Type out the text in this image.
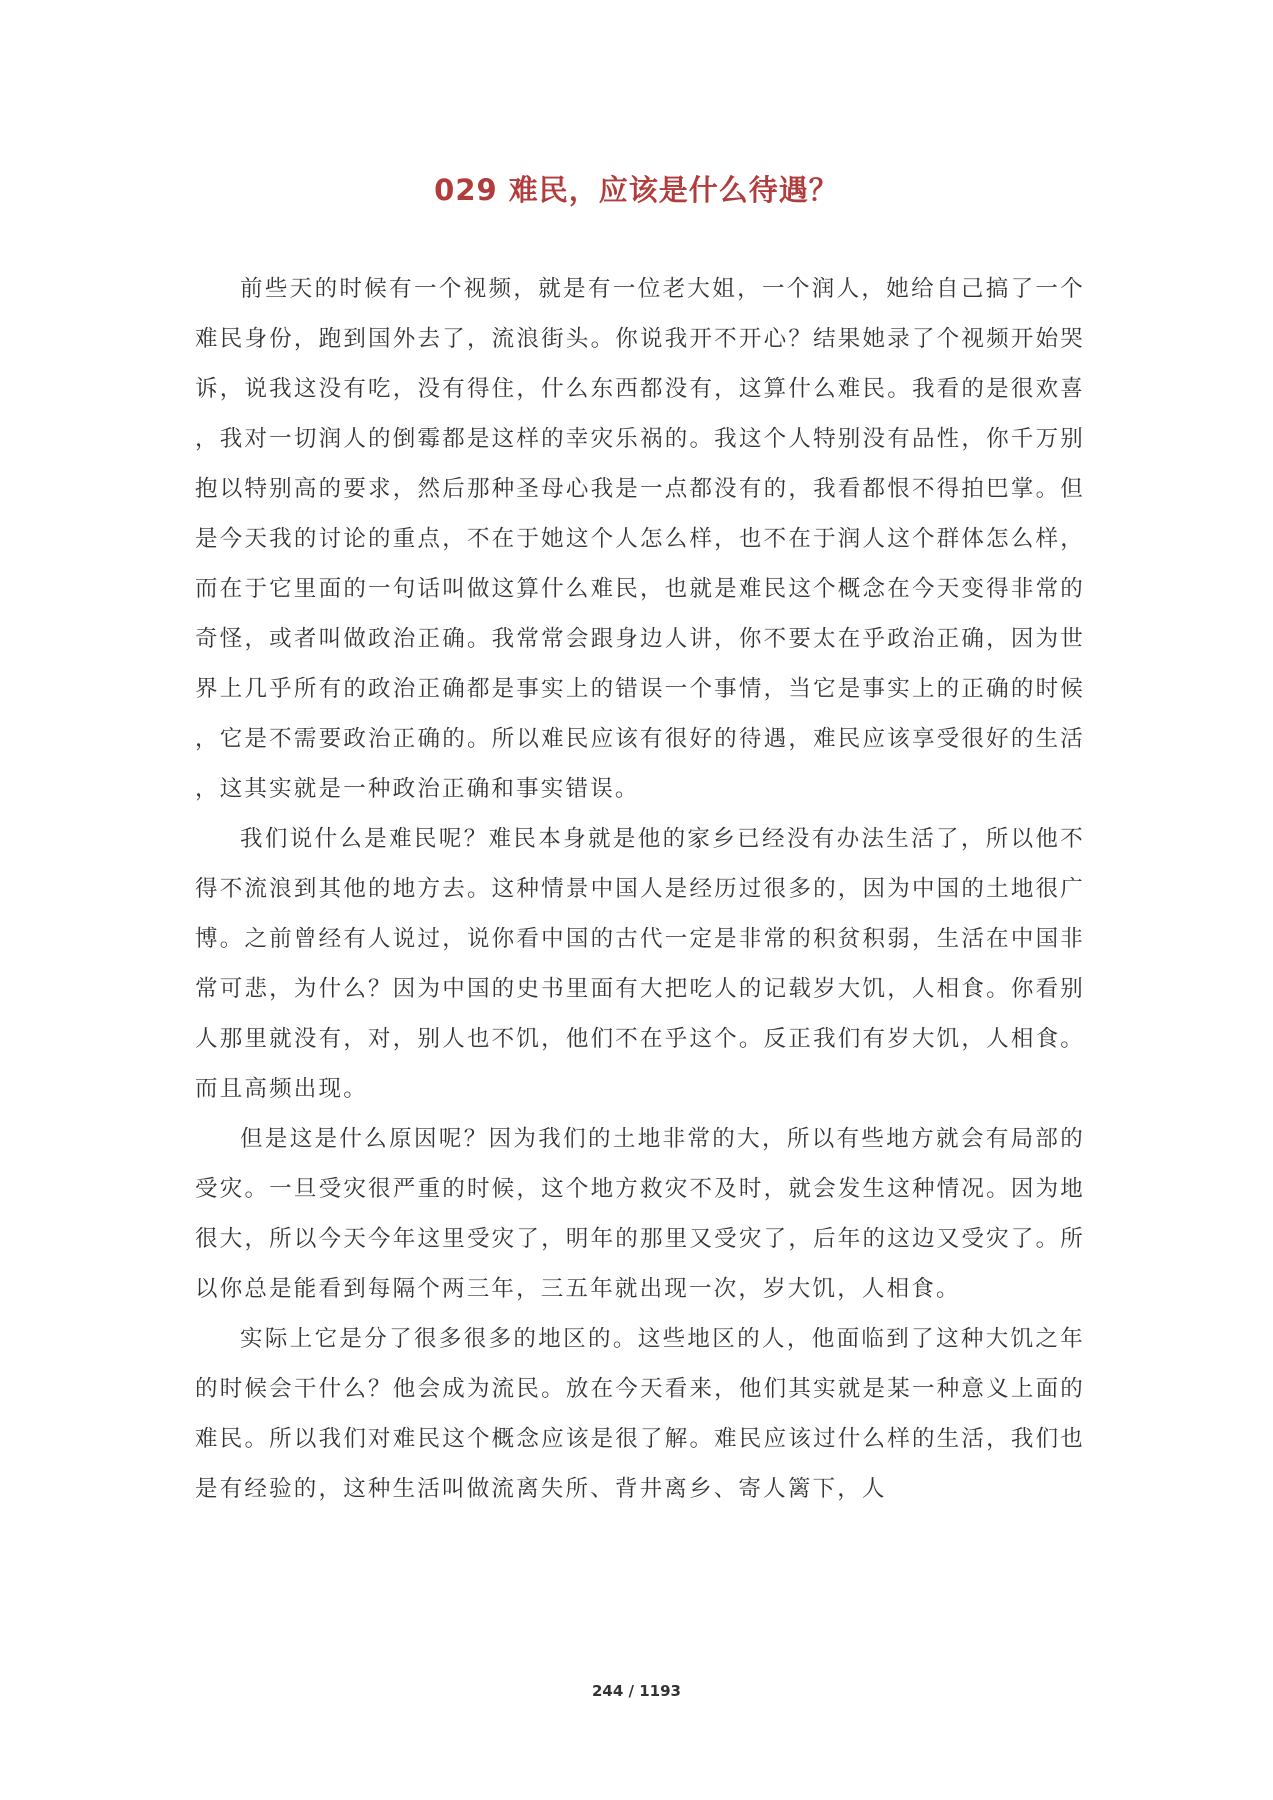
029 难民，应该是什么待遇？

前些天的时候有一个视频，就是有一位老大姐，一个润人，她给自己搞了一个难民身份，跑到国外去了，流浪街头。你说我开不开心？结果她录了个视频开始哭诉，说我这没有吃，没有得住，什么东西都没有，这算什么难民。我看的是很欢喜，我对一切润人的倒霉都是这样的幸灾乐祸的。我这个人特别没有品性，你千万别抱以特别高的要求，然后那种圣母心我是一点都没有的，我看都恨不得拍巴掌。但是今天我的讨论的重点，不在于她这个人怎么样，也不在于润人这个群体怎么样，而在于它里面的一句话叫做这算什么难民，也就是难民这个概念在今天变得非常的奇怪，或者叫做政治正确。我常常会跟身边人讲，你不要太在乎政治正确，因为世界上几乎所有的政治正确都是事实上的错误一个事情，当它是事实上的正确的时候，它是不需要政治正确的。所以难民应该有很好的待遇，难民应该享受很好的生活，这其实就是一种政治正确和事实错误。

我们说什么是难民呢？难民本身就是他的家乡已经没有办法生活了，所以他不得不流浪到其他的地方去。这种情景中国人是经历过很多的，因为中国的土地很广博。之前曾经有人说过，说你看中国的古代一定是非常的积贫积弱，生活在中国非常可悲，为什么？因为中国的史书里面有大把吃人的记载岁大饥，人相食。你看别人那里就没有，对，别人也不饥，他们不在乎这个。反正我们有岁大饥，人相食。而且高频出现。

但是这是什么原因呢？因为我们的土地非常的大，所以有些地方就会有局部的受灾。一旦受灾很严重的时候，这个地方救灾不及时，就会发生这种情况。因为地很大，所以今天今年这里受灾了，明年的那里又受灾了，后年的这边又受灾了。所以你总是能看到每隔个两三年，三五年就出现一次，岁大饥，人相食。

实际上它是分了很多很多的地区的。这些地区的人，他面临到了这种大饥之年的时候会干什么？他会成为流民。放在今天看来，他们其实就是某一种意义上面的难民。所以我们对难民这个概念应该是很了解。难民应该过什么样的生活，我们也是有经验的，这种生活叫做流离失所、背井离乡、寄人篱下，人

244 / 1193
